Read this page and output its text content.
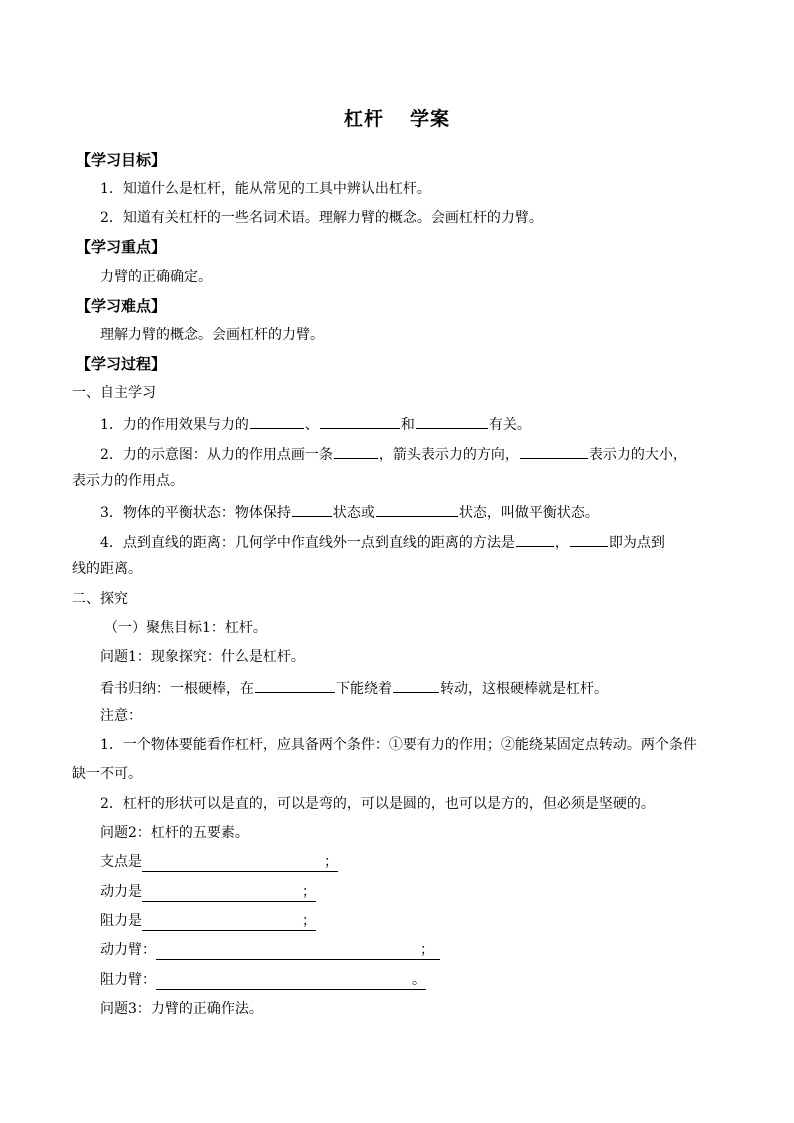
杠杆 学案
【学习目标】
1．知道什么是杠杆，能从常见的工具中辨认出杠杆。
2．知道有关杠杆的一些名词术语。理解力臂的概念。会画杠杆的力臂。
【学习重点】
力臂的正确确定。
【学习难点】
理解力臂的概念。会画杠杆的力臂。
【学习过程】
一、自主学习
1．力的作用效果与力的	、	和	有关。
2．力的示意图：从力的作用点画一条	，箭头表示力的方向，	表示力的大小，
表示力的作用点。
3．物体的平衡状态：物体保持	状态或	状态，叫做平衡状态。
4．点到直线的距离：几何学中作直线外一点到直线的距离的方法是	，	即为点到
线的距离。
二、探究
（一）聚焦目标1：杠杆。
问题1：现象探究：什么是杠杆。
看书归纳：一根硬棒，在	下能绕着	转动，这根硬棒就是杠杆。
注意：
1．一个物体要能看作杠杆，应具备两个条件：①要有力的作用；②能绕某固定点转动。两个条件
缺一不可。
2．杠杆的形状可以是直的，可以是弯的，可以是圆的，也可以是方的，但必须是坚硬的。
问题2：杠杆的五要素。
支点是	；
动力是	；
阻力是	；
动力臂：	；
阻力臂：	。
问题3：力臂的正确作法。
